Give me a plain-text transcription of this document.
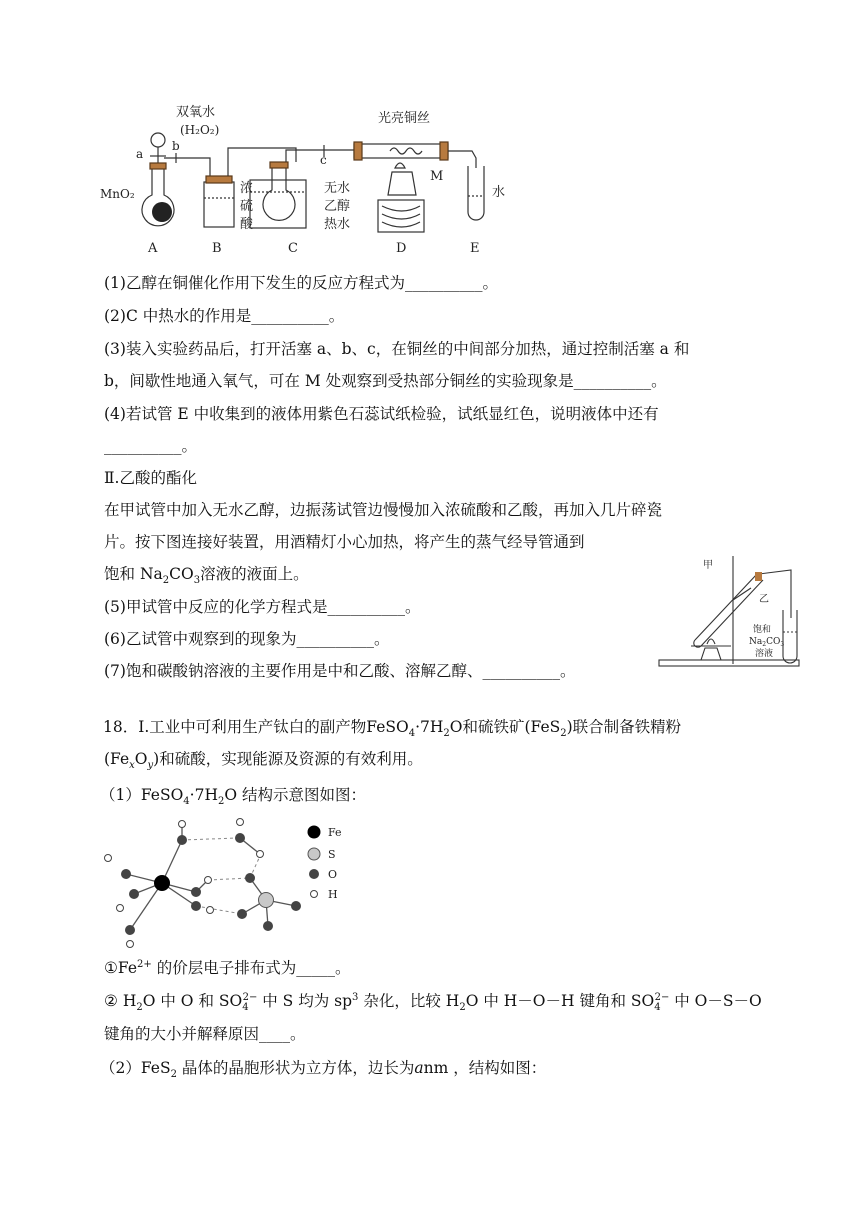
双氧水
(H₂O₂)
a
b
c
MnO₂	浓
硫
酸
无水
乙醇
热水
光亮铜丝
M
水
A	B	C	D	E
(1)乙醇在铜催化作用下发生的反应方程式为__________。
(2)C 中热水的作用是__________。
(3)装入实验药品后，打开活塞 a、b、c，在铜丝的中间部分加热，通过控制活塞 a 和
b，间歇性地通入氧气，可在 M 处观察到受热部分铜丝的实验现象是__________。
(4)若试管 E 中收集到的液体用紫色石蕊试纸检验，试纸显红色，说明液体中还有
__________。
Ⅱ.乙酸的酯化
在甲试管中加入无水乙醇，边振荡试管边慢慢加入浓硫酸和乙酸，再加入几片碎瓷
片。按下图连接好装置，用酒精灯小心加热，将产生的蒸气经导管通到
饱和 $Na_2CO_3$溶液的液面上。
(5)甲试管中反应的化学方程式是__________。
(6)乙试管中观察到的现象为__________。
(7)饱和碳酸钠溶液的主要作用是中和乙酸、溶解乙醇、__________。
甲
乙
饱和
$Na_2CO_3$
溶液
18．Ⅰ.工业中可利用生产钛白的副产物$FeSO_4\cdot 7H_2O$和硫铁矿(FeS$_2$)联合制备铁精粉
$(Fe_xO_y)$和硫酸，实现能源及资源的有效利用。
$(1)FeSO_4\cdot 7H_2O$ 结构示意图如图：
Fe
S
O
H
$①Fe^{2+}$ 的价层电子排布式为_____。
② $H_2O$ 中 O 和 $SO_4^{2-}$ 中 S 均为 $sp^3$ 杂化，比较 $H_2O$ 中 H－O－H 键角和 $SO_4^{2-}$ 中 O－S－O
键角的大小并解释原因____。
（2）FeS$_2$ 晶体的晶胞形状为立方体，边长为anm ，结构如图：
